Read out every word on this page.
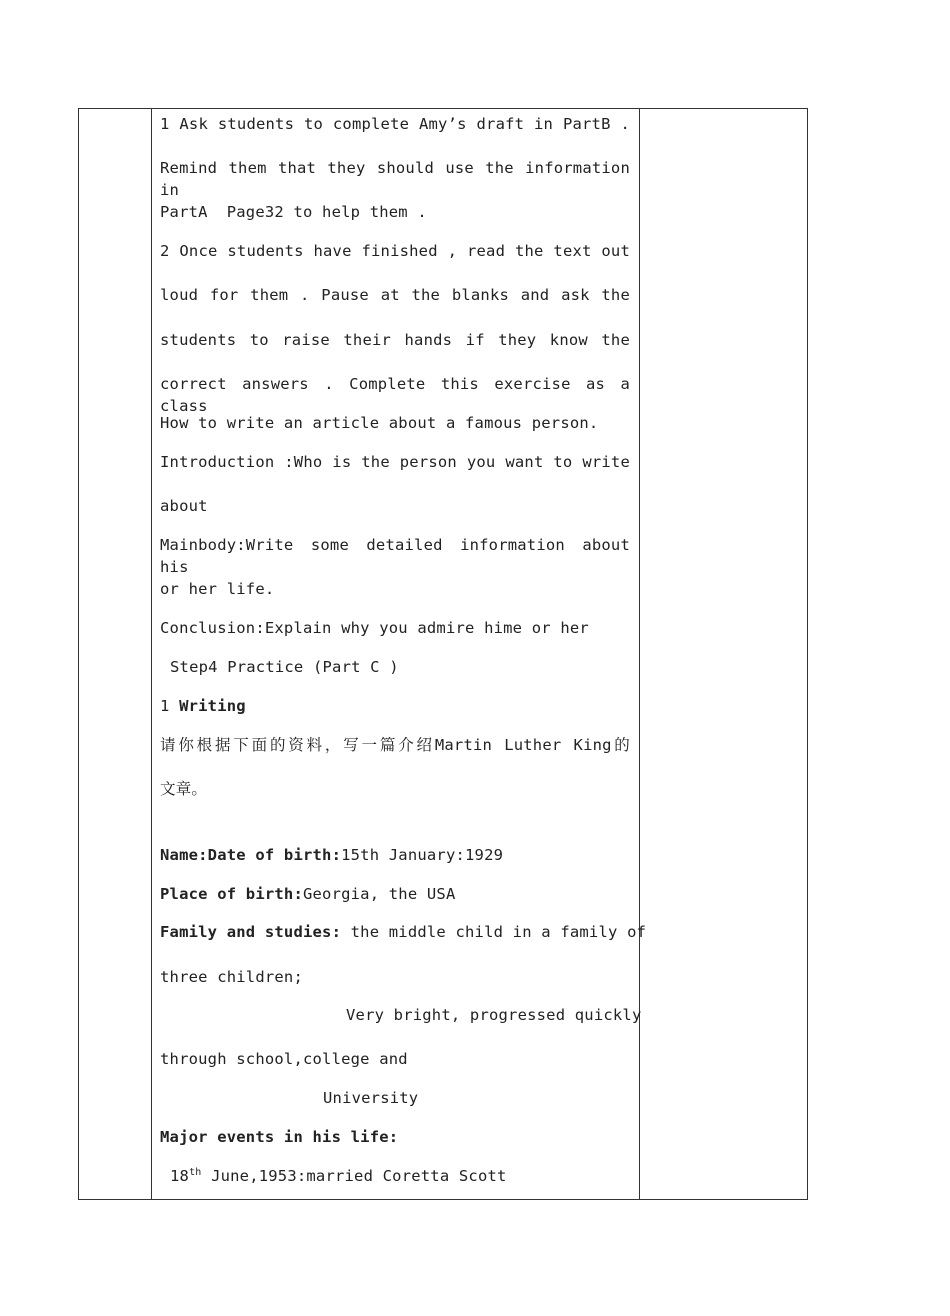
1 Ask students to complete Amy’s draft in PartB .

Remind them that they should use the information in

PartA  Page32 to help them .

2 Once students have finished , read the text out

loud for them . Pause at the blanks and ask the

students to raise their hands if they know the

correct answers . Complete this exercise as a class

How to write an article about a famous person.

Introduction :Who is the person you want to write

about

Mainbody:Write some detailed information about his

or her life.

Conclusion:Explain why you admire hime or her

Step4 Practice (Part C )

1 Writing

请你根据下面的资料，写一篇介绍Martin Luther King的

文章。

Name:Date of birth:15th January:1929

Place of birth:Georgia, the USA

Family and studies: the middle child in a family of

three children;

Very bright, progressed quickly

through school,college and

University

Major events in his life:

18th June,1953:married Coretta Scott
